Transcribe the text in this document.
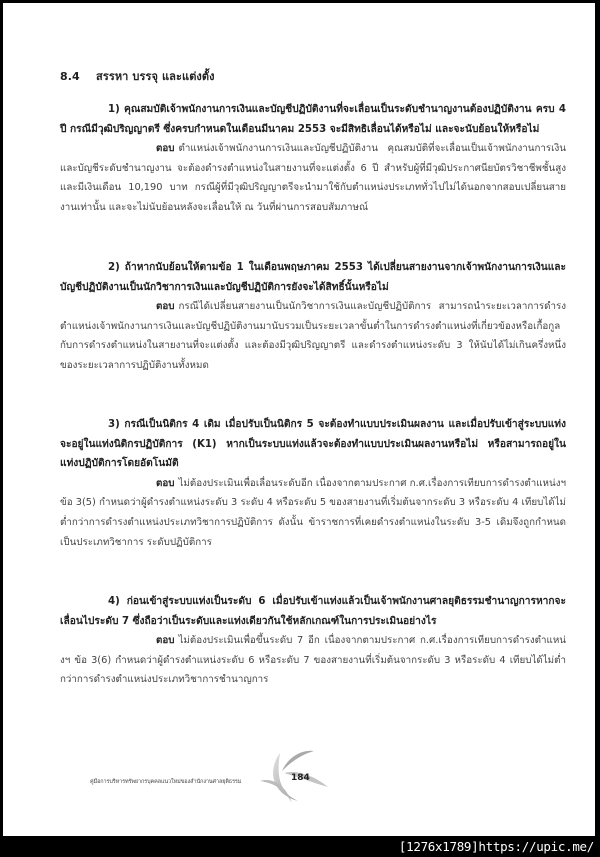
8.4 สรรหา บรรจุ และแต่งตั้ง

1) คุณสมบัติเจ้าพนักงานการเงินและบัญชีปฏิบัติงานที่จะเลื่อนเป็นระดับชำนาญงานต้องปฏิบัติงาน ครบ 4 ปี กรณีมีวุฒิปริญญาตรี ซึ่งครบกำหนดในเดือนมีนาคม 2553 จะมีสิทธิเลื่อนได้หรือไม่ และจะนับย้อนให้หรือไม่

ตอบ ตำแหน่งเจ้าพนักงานการเงินและบัญชีปฏิบัติงาน คุณสมบัติที่จะเลื่อนเป็นเจ้าพนักงานการเงินและบัญชีระดับชำนาญงาน จะต้องดำรงตำแหน่งในสายงานที่จะแต่งตั้ง 6 ปี สำหรับผู้ที่มีวุฒิประกาศนียบัตรวิชาชีพชั้นสูง และมีเงินเดือน 10,190 บาท กรณีผู้ที่มีวุฒิปริญญาตรีจะนำมาใช้กับตำแหน่งประเภททั่วไปไม่ได้นอกจากสอบเปลี่ยนสายงานเท่านั้น และจะไม่นับย้อนหลังจะเลื่อนให้ ณ วันที่ผ่านการสอบสัมภาษณ์

2) ถ้าหากนับย้อนให้ตามข้อ 1 ในเดือนพฤษภาคม 2553 ได้เปลี่ยนสายงานจากเจ้าพนักงานการเงินและบัญชีปฏิบัติงานเป็นนักวิชาการเงินและบัญชีปฏิบัติการยังจะได้สิทธิ์นั้นหรือไม่

ตอบ กรณีได้เปลี่ยนสายงานเป็นนักวิชาการเงินและบัญชีปฏิบัติการ สามารถนำระยะเวลาการดำรงตำแหน่งเจ้าพนักงานการเงินและบัญชีปฏิบัติงานมานับรวมเป็นระยะเวลาขั้นต่ำในการดำรงตำแหน่งที่เกี่ยวข้องหรือเกื้อกูลกับการดำรงตำแหน่งในสายงานที่จะแต่งตั้ง และต้องมีวุฒิปริญญาตรี และดำรงตำแหน่งระดับ 3 ให้นับได้ไม่เกินครึ่งหนึ่งของระยะเวลาการปฏิบัติงานทั้งหมด

3) กรณีเป็นนิติกร 4 เดิม เมื่อปรับเป็นนิติกร 5 จะต้องทำแบบประเมินผลงาน และเมื่อปรับเข้าสู่ระบบแท่งจะอยู่ในแท่งนิติกรปฏิบัติการ (K1) หากเป็นระบบแท่งแล้วจะต้องทำแบบประเมินผลงานหรือไม่ หรือสามารถอยู่ในแท่งปฏิบัติการโดยอัตโนมัติ

ตอบ ไม่ต้องประเมินเพื่อเลื่อนระดับอีก เนื่องจากตามประกาศ ก.ศ.เรื่องการเทียบการดำรงตำแหน่งฯ ข้อ 3(5) กำหนดว่าผู้ดำรงตำแหน่งระดับ 3 ระดับ 4 หรือระดับ 5 ของสายงานที่เริ่มต้นจากระดับ 3 หรือระดับ 4 เทียบได้ไม่ต่ำกว่าการดำรงตำแหน่งประเภทวิชาการปฏิบัติการ ดังนั้น ข้าราชการที่เคยดำรงตำแหน่งในระดับ 3-5 เดิมจึงถูกกำหนดเป็นประเภทวิชาการ ระดับปฏิบัติการ

4) ก่อนเข้าสู่ระบบแท่งเป็นระดับ 6 เมื่อปรับเข้าแท่งแล้วเป็นเจ้าพนักงานศาลยุติธรรมชำนาญการหากจะเลื่อนไประดับ 7 ซึ่งถือว่าเป็นระดับและแท่งเดียวกันใช้หลักเกณฑ์ในการประเมินอย่างไร

ตอบ ไม่ต้องประเมินเพื่อขึ้นระดับ 7 อีก เนื่องจากตามประกาศ ก.ศ.เรื่องการเทียบการดำรงตำแหน่งฯ ข้อ 3(6) กำหนดว่าผู้ดำรงตำแหน่งระดับ 6 หรือระดับ 7 ของสายงานที่เริ่มต้นจากระดับ 3 หรือระดับ 4 เทียบได้ไม่ต่ำกว่าการดำรงตำแหน่งประเภทวิชาการชำนาญการ

คู่มือการบริหารทรัพยากรบุคคลแนวใหม่ของสำนักงานศาลยุติธรรม	184
[1276x1789]https://upic.me/
